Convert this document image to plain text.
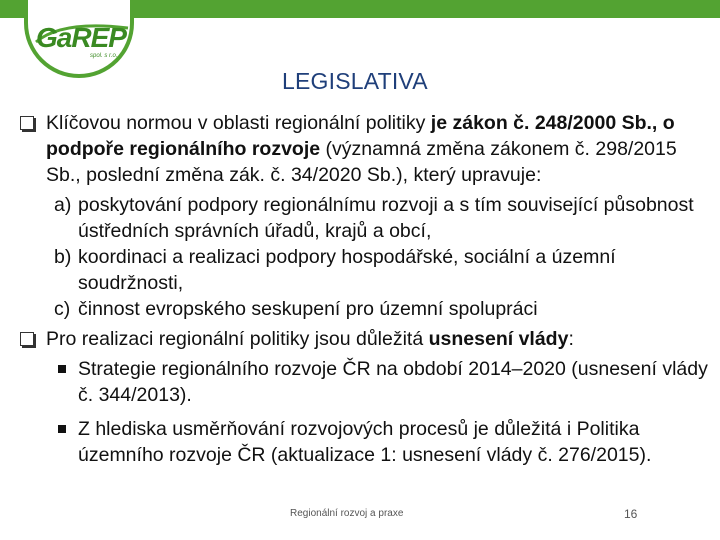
GaREP
spol. s r.o.
LEGISLATIVA
Klíčovou normou v oblasti regionální politiky je zákon č. 248/2000 Sb., o podpoře regionálního rozvoje (významná změna zákonem č. 298/2015 Sb., poslední změna zák. č. 34/2020 Sb.), který upravuje:
a) poskytování podpory regionálnímu rozvoji a s tím související působnost ústředních správních úřadů, krajů a obcí,
b) koordinaci a realizaci podpory hospodářské, sociální a územní soudržnosti,
c) činnost evropského seskupení pro územní spolupráci
Pro realizaci regionální politiky jsou důležitá usnesení vlády:
Strategie regionálního rozvoje ČR na období 2014–2020 (usnesení vlády č. 344/2013).
Z hlediska usměrňování rozvojových procesů je důležitá i Politika územního rozvoje ČR (aktualizace 1: usnesení vlády č. 276/2015).
Regionální rozvoj a praxe	16
